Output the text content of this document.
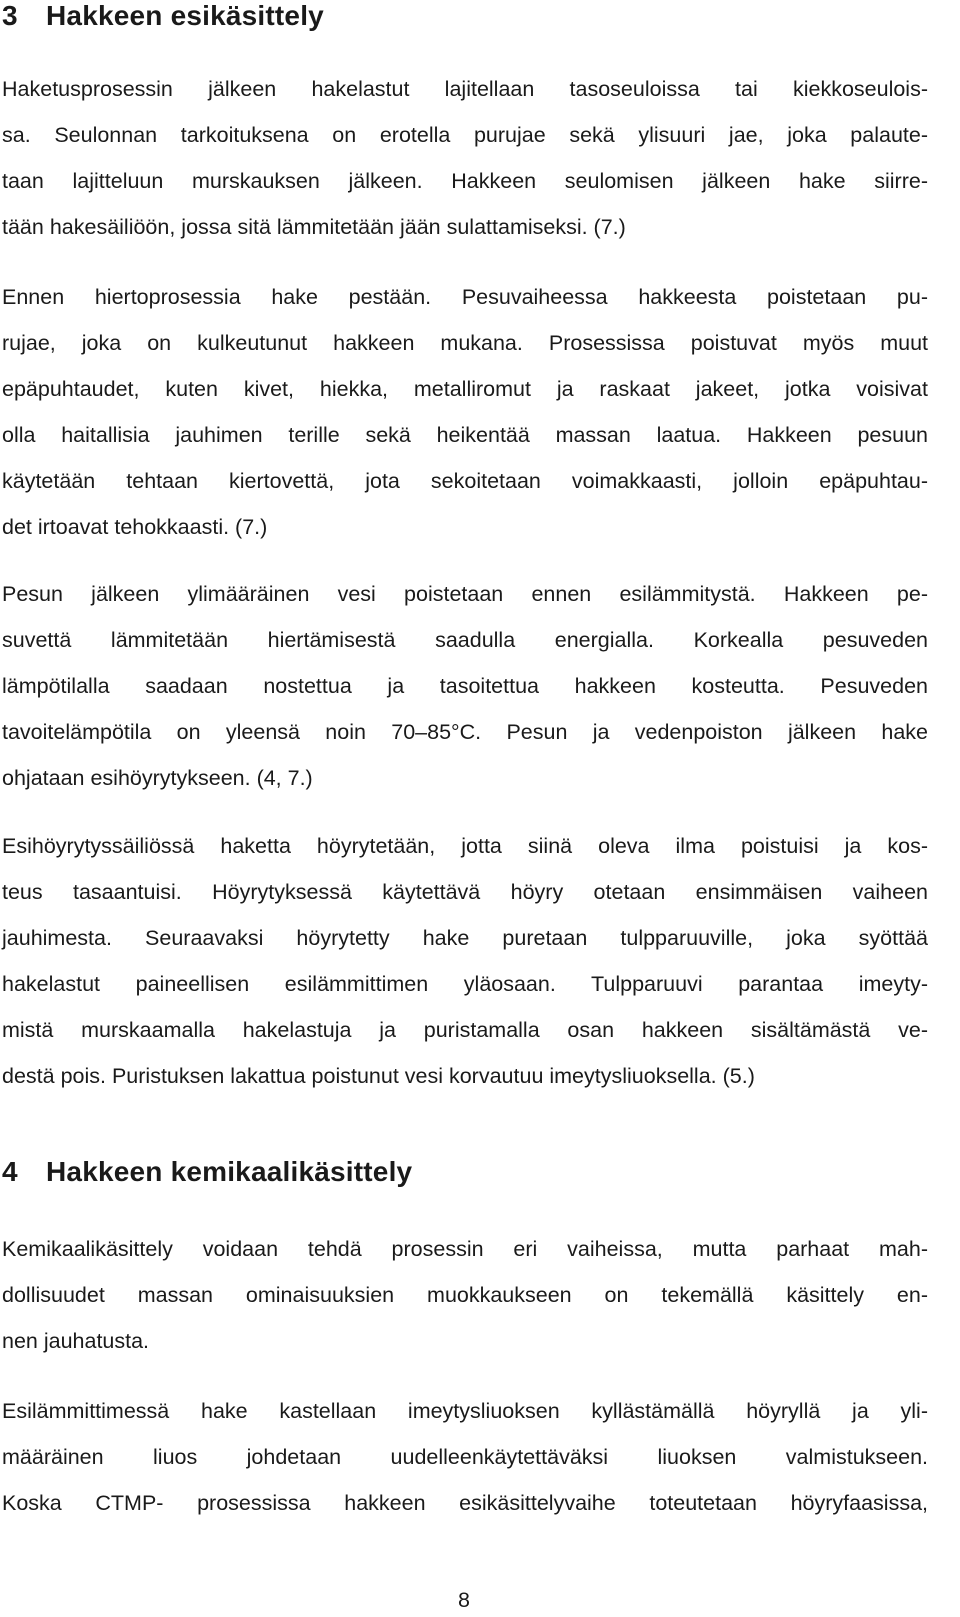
3 Hakkeen esikäsittely
Haketusprosessin jälkeen hakelastut lajitellaan tasoseuloissa tai kiekkoseulois-
sa. Seulonnan tarkoituksena on erotella purujae sekä ylisuuri jae, joka palaute-
taan lajitteluun murskauksen jälkeen. Hakkeen seulomisen jälkeen hake siirre-
tään hakesäiliöön, jossa sitä lämmitetään jään sulattamiseksi. (7.)
Ennen hiertoprosessia hake pestään. Pesuvaiheessa hakkeesta poistetaan pu-
rujae, joka on kulkeutunut hakkeen mukana. Prosessissa poistuvat myös muut
epäpuhtaudet, kuten kivet, hiekka, metalliromut ja raskaat jakeet, jotka voisivat
olla haitallisia jauhimen terille sekä heikentää massan laatua. Hakkeen pesuun
käytetään tehtaan kiertovettä, jota sekoitetaan voimakkaasti, jolloin epäpuhtau-
det irtoavat tehokkaasti. (7.)
Pesun jälkeen ylimääräinen vesi poistetaan ennen esilämmitystä. Hakkeen pe-
suvettä lämmitetään hiertämisestä saadulla energialla. Korkealla pesuveden
lämpötilalla saadaan nostettua ja tasoitettua hakkeen kosteutta. Pesuveden
tavoitelämpötila on yleensä noin 70–85°C. Pesun ja vedenpoiston jälkeen hake
ohjataan esihöyrytykseen. (4, 7.)
Esihöyrytyssäiliössä haketta höyrytetään, jotta siinä oleva ilma poistuisi ja kos-
teus tasaantuisi. Höyrytyksessä käytettävä höyry otetaan ensimmäisen vaiheen
jauhimesta. Seuraavaksi höyrytetty hake puretaan tulpparuuville, joka syöttää
hakelastut paineellisen esilämmittimen yläosaan. Tulpparuuvi parantaa imeyty-
mistä murskaamalla hakelastuja ja puristamalla osan hakkeen sisältämästä ve-
destä pois. Puristuksen lakattua poistunut vesi korvautuu imeytysliuoksella. (5.)
4 Hakkeen kemikaalikäsittely
Kemikaalikäsittely voidaan tehdä prosessin eri vaiheissa, mutta parhaat mah-
dollisuudet massan ominaisuuksien muokkaukseen on tekemällä käsittely en-
nen jauhatusta.
Esilämmittimessä hake kastellaan imeytysliuoksen kyllästämällä höyryllä ja yli-
määräinen liuos johdetaan uudelleenkäytettäväksi liuoksen valmistukseen.
Koska CTMP- prosessissa hakkeen esikäsittelyvaihe toteutetaan höyryfaasissa,
8
